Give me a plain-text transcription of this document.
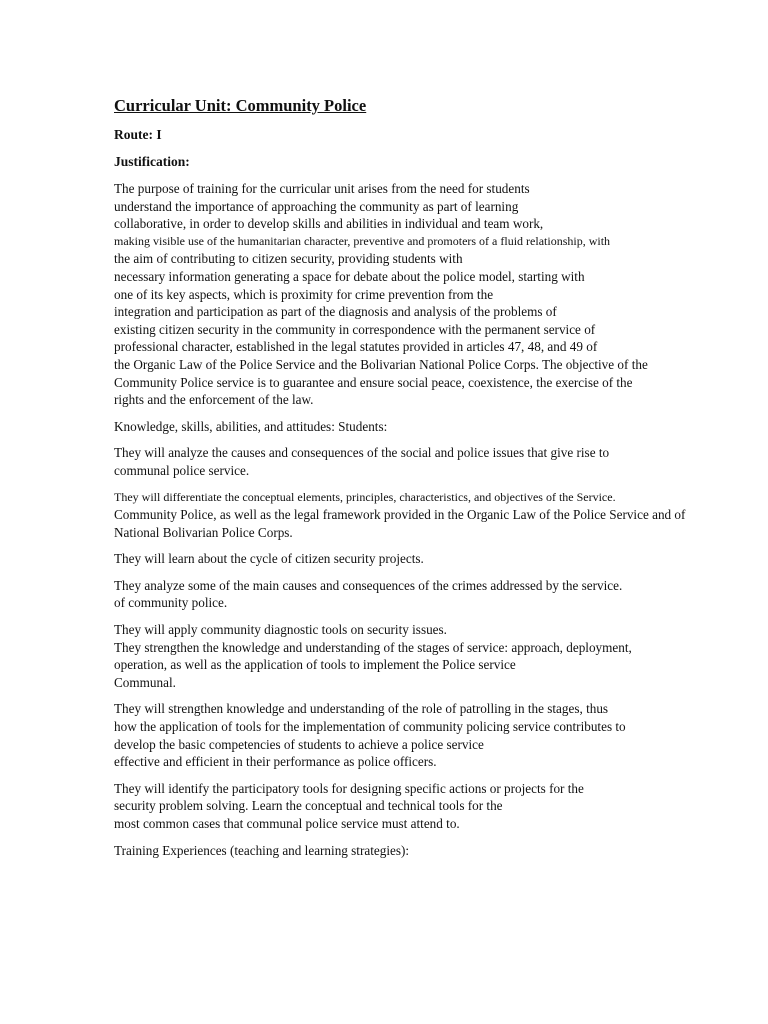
Curricular Unit: Community Police
Route: I
Justification:
The purpose of training for the curricular unit arises from the need for students
understand the importance of approaching the community as part of learning
collaborative, in order to develop skills and abilities in individual and team work,
making visible use of the humanitarian character, preventive and promoters of a fluid relationship, with
the aim of contributing to citizen security, providing students with
necessary information generating a space for debate about the police model, starting with
one of its key aspects, which is proximity for crime prevention from the
integration and participation as part of the diagnosis and analysis of the problems of
existing citizen security in the community in correspondence with the permanent service of
professional character, established in the legal statutes provided in articles 47, 48, and 49 of
the Organic Law of the Police Service and the Bolivarian National Police Corps. The objective of the
Community Police service is to guarantee and ensure social peace, coexistence, the exercise of the
rights and the enforcement of the law.
Knowledge, skills, abilities, and attitudes: Students:
They will analyze the causes and consequences of the social and police issues that give rise to
communal police service.
They will differentiate the conceptual elements, principles, characteristics, and objectives of the Service.
Community Police, as well as the legal framework provided in the Organic Law of the Police Service and of
National Bolivarian Police Corps.
They will learn about the cycle of citizen security projects.
They analyze some of the main causes and consequences of the crimes addressed by the service.
of community police.
They will apply community diagnostic tools on security issues.
They strengthen the knowledge and understanding of the stages of service: approach, deployment,
operation, as well as the application of tools to implement the Police service
Communal.
They will strengthen knowledge and understanding of the role of patrolling in the stages, thus
how the application of tools for the implementation of community policing service contributes to
develop the basic competencies of students to achieve a police service
effective and efficient in their performance as police officers.
They will identify the participatory tools for designing specific actions or projects for the
security problem solving. Learn the conceptual and technical tools for the
most common cases that communal police service must attend to.
Training Experiences (teaching and learning strategies):
